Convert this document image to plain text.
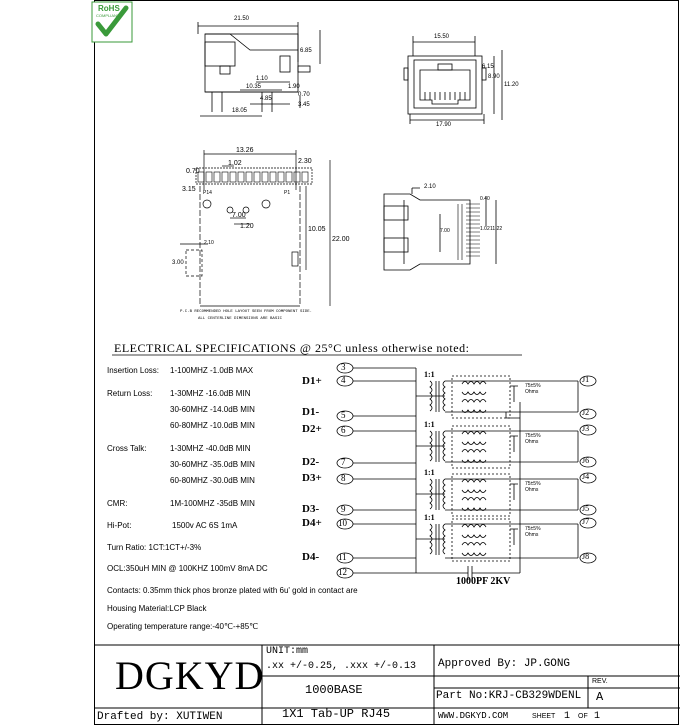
RoHS
COMPLIANT
21.50
6.85
1.10
10.35
4.85
0.70
3.45
18.05
1.90
15.50
6.15
8.90
11.20
17.90
13.26
1.02
0.70
2.30
3.15 P14	P1
7.00
1.20	10.05
22.00
2.10
3.00
P.C.B RECOMMENDED HOLE LAYOUT SEEN FROM COMPONENT SIDE.
ALL CENTERLINE DIMENSIONS ARE BASIC
2.10
0.40
7.00	1.02 11.22
ELECTRICAL SPECIFICATIONS @ 25°C unless otherwise noted:
Insertion Loss: 1-100MHZ -1.0dB MAX
Return Loss: 1-30MHZ -16.0dB MIN
30-60MHZ -14.0dB MIN
60-80MHZ -10.0dB MIN
Cross Talk:	1-30MHZ -40.0dB MIN
30-60MHZ -35.0dB MIN
60-80MHZ -30.0dB MIN
CMR:	1M-100MHZ -35dB MIN
Hi-Pot:	1500v AC 6S 1mA
Turn Ratio: 1CT:1CT+/-3%
OCL:350uH MIN @ 100KHZ 100mV 8mA DC
Contacts: 0.35mm thick phos bronze plated with 6u' gold in contact are
Housing Material:LCP Black
Operating temperature range:-40℃-+85℃
D1+
D1-
D2+
D2-
D3+
D3-
D4+
D4-
3
4
5
6
7
8
9
10
11
12
J1
J2
J3
J6
J4
J5
J7
J8
1:1
1:1
1:1
1:1
75±5%
Ohms
75±5%
Ohms
75±5%
Ohms
75±5%
Ohms
1000PF 2KV
DGKYD
UNIT:mm
.xx +/-0.25, .xxx +/-0.13 Approved By: JP.GONG
REV.
A
1000BASE
1X1 Tab-UP RJ45
Part No:KRJ-CB329WDENL
Drafted by: XUTIWEN	WWW.DGKYD.COM	SHEET 1 OF 1
